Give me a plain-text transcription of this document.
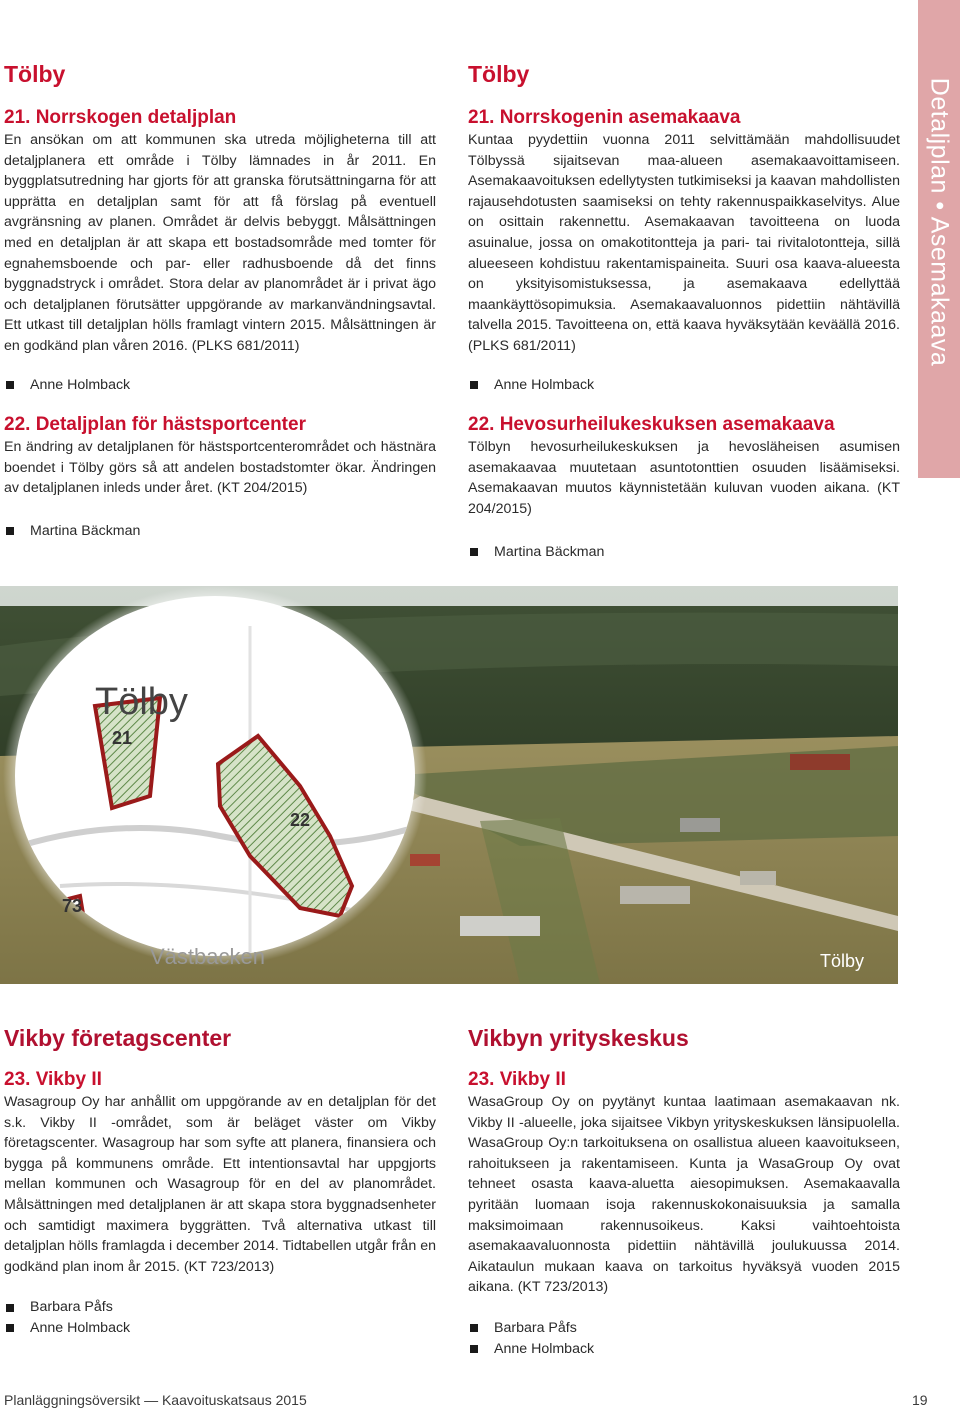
Detaljplan • Asemakaava
Tölby
21. Norrskogen detaljplan

En ansökan om att kommunen ska utreda möjligheterna till att detaljplanera ett område i Tölby lämnades in år 2011. En byggplatsutredning har gjorts för att granska förutsättningarna för att upprätta en detaljplan samt för att få förslag på eventuell avgränsning av planen. Området är delvis bebyggt. Målsättningen med en detaljplan är att skapa ett bostadsområde med tomter för egnahemsboende och par- eller radhusboende då det finns byggnadstryck i området. Stora delar av planområdet är i privat ägo och detaljplanen förutsätter uppgörande av markanvändningsavtal. Ett utkast till detaljplan hölls framlagt vintern 2015. Målsättningen är en godkänd plan våren 2016. (PLKS 681/2011)

Anne Holmback
22. Detaljplan för hästsportcenter

En ändring av detaljplanen för hästsportcenterområdet och hästnära boendet i Tölby görs så att andelen bostadstomter ökar. Ändringen av detaljplanen inleds under året. (KT 204/2015)

Martina Bäckman
Vikby företagscenter
23. Vikby II

Wasagroup Oy har anhållit om uppgörande av en detaljplan för det s.k. Vikby II -området, som är beläget väster om Vikby företagscenter. Wasagroup har som syfte att planera, finansiera och bygga på kommunens område. Ett intentionsavtal har uppgjorts mellan kommunen och Wasagroup för en del av planområdet. Målsättningen med detaljplanen är att skapa stora byggnadsenheter och samtidigt maximera byggrätten. Två alternativa utkast till detaljplan hölls framlagda i december 2014. Tidtabellen utgår från en godkänd plan inom år 2015. (KT 723/2013)

Barbara Påfs
Anne Holmback
Tölby
21. Norrskogenin asemakaava

Kuntaa pyydettiin vuonna 2011 selvittämään mahdollisuudet Tölbyssä sijaitsevan maa-alueen asemakaavoittamiseen. Asemakaavoituksen edellytysten tutkimiseksi ja kaavan mahdollisten rajausehdotusten saamiseksi on tehty rakennuspaikkaselvitys. Alue on osittain rakennettu. Asemakaavan tavoitteena on luoda asuinalue, jossa on omakotitontteja ja pari- tai rivitalotontteja, sillä alueeseen kohdistuu rakentamispaineita. Suuri osa kaava-alueesta on yksityisomistuksessa, ja asemakaava edellyttää maankäyttösopimuksia. Asemakaavaluonnos pidettiin nähtävillä talvella 2015. Tavoitteena on, että kaava hyväksytään keväällä 2016. (PLKS 681/2011)

Anne Holmback
22. Hevosurheilukeskuksen asemakaava

Tölbyn hevosurheilukeskuksen ja hevosläheisen asumisen asemakaavaa muutetaan asuntotonttien osuuden lisäämiseksi. Asemakaavan muutos käynnistetään kuluvan vuoden aikana. (KT 204/2015)

Martina Bäckman
Vikbyn yrityskeskus
23. Vikby II

WasaGroup Oy on pyytänyt kuntaa laatimaan asemakaavan nk. Vikby II -alueelle, joka sijaitsee Vikbyn yrityskeskuksen länsipuolella. WasaGroup Oy:n tarkoituksena on osallistua alueen kaavoitukseen, rahoitukseen ja rakentamiseen. Kunta ja WasaGroup Oy ovat tehneet osasta kaava-aluetta aiesopimuksen. Asemakaavalla pyritään luomaan isoja rakennuskokonaisuuksia ja samalla maksimoimaan rakennusoikeus. Kaksi vaihtoehtoista asemakaavaluonnosta pidettiin nähtävillä joulukuussa 2014. Aikataulun mukaan kaava on tarkoitus hyväksyä vuoden 2015 aikana. (KT 723/2013)

Barbara Påfs
Anne Holmback
Tölby
21
22
73
Västbacken	Tölby
Planläggningsöversikt — Kaavoituskatsaus 2015	19
